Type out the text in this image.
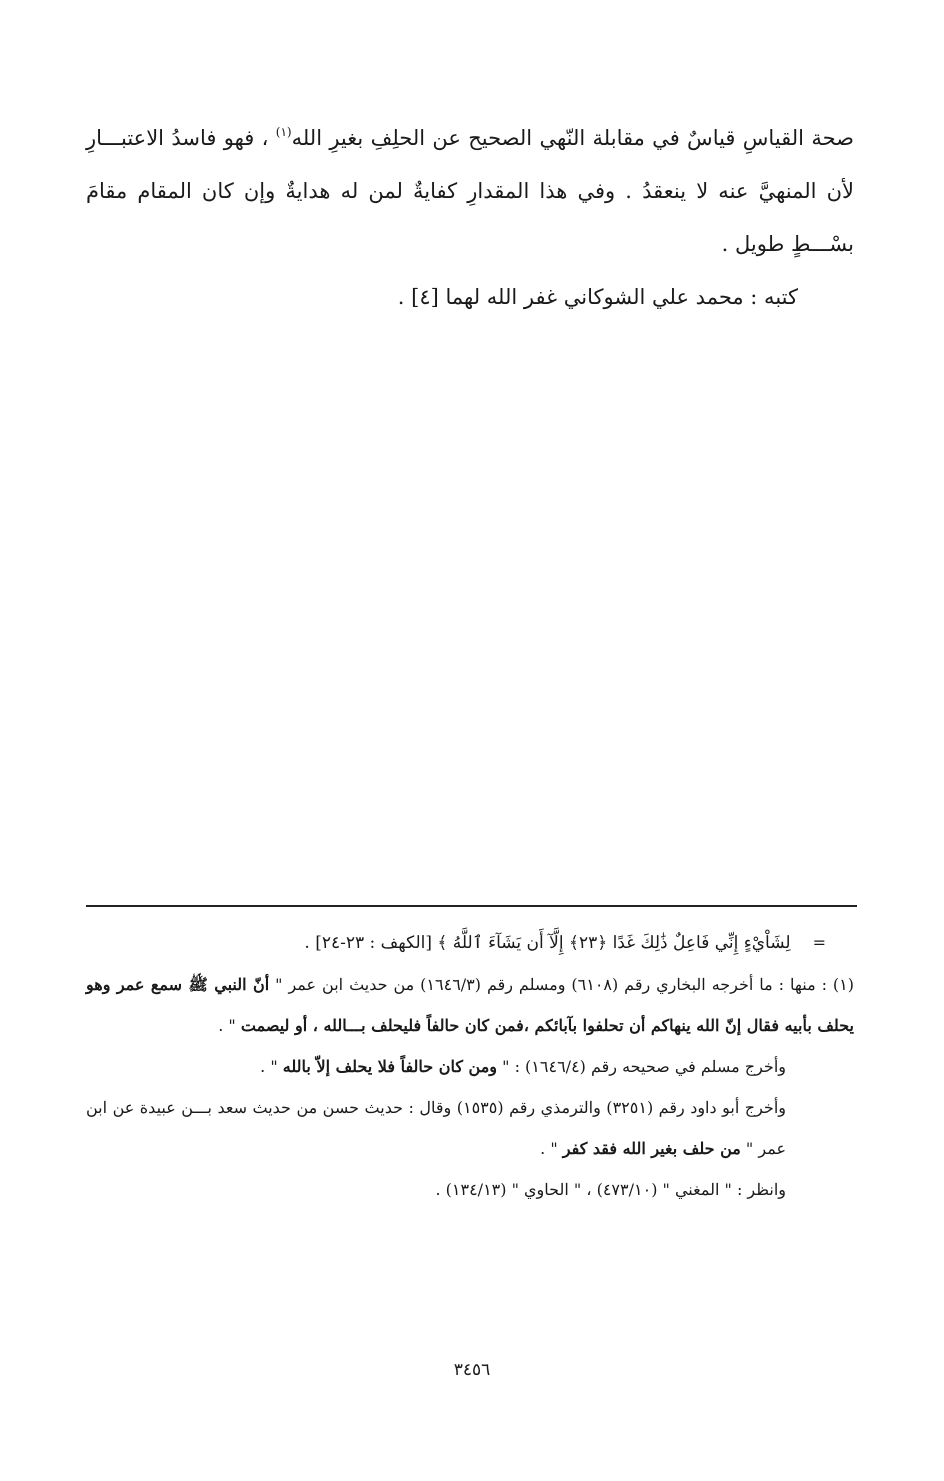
صحة القياسِ قياسٌ في مقابلة النّهي الصحيح عن الحلِفِ بغيرِ الله$^{(١)}$ ، فهو فاسدُ الاعتبـــارِ لأن المنهيَّ عنه لا ينعقدُ . وفي هذا المقدارِ كفايةٌ لمن له هدايةٌ وإن كان المقام مقامَ بسْـــطٍ طويل .

كتبه : محمد علي الشوكاني غفر الله لهما [٤] .

=لِشَاْيْءٍ إِنِّي فَاعِلٌ ذَٰلِكَ غَدًا ﴿٢٣﴾ إِلَّآ أَن يَشَآءَ ٱللَّهُ ﴾ [الكهف : ٢٣-٢٤] .

(١) : منها : ما أخرجه البخاري رقم (٦١٠٨) ومسلم رقم (١٦٤٦/٣) من حديث ابن عمر " أنّ النبي ﷺ سمع عمر وهو يحلف بأبيه فقال إنّ الله ينهاكم أن تحلفوا بآبائكم ،فمن كان حالفاً فليحلف بـــالله ، أو ليصمت " .

وأخرج مسلم في صحيحه رقم (١٦٤٦/٤) : " ومن كان حالفاً فلا يحلف إلاّ بالله " .

وأخرج أبو داود رقم (٣٢٥١) والترمذي رقم (١٥٣٥) وقال : حديث حسن من حديث سعد بـــن عبيدة عن ابن عمر " من حلف بغير الله فقد كفر " .

وانظر : " المغني " (٤٧٣/١٠) ، " الحاوي " (١٣٤/١٣) .

٣٤٥٦
